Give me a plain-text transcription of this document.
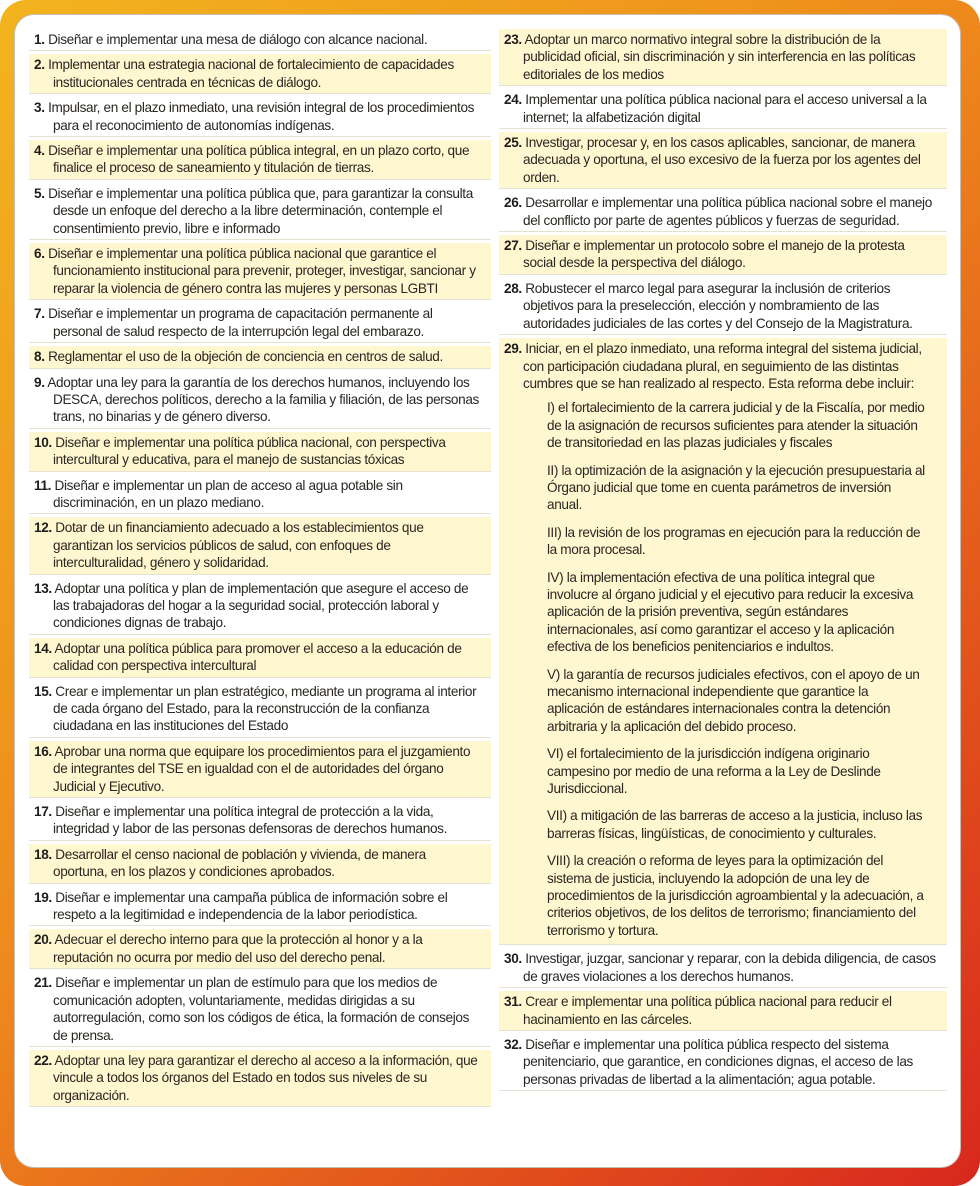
1. Diseñar e implementar una mesa de diálogo con alcance nacional.
2. Implementar una estrategia nacional de fortalecimiento de capacidades institucionales centrada en técnicas de diálogo.
3. Impulsar, en el plazo inmediato, una revisión integral de los procedimientos para el reconocimiento de autonomías indígenas.
4. Diseñar e implementar una política pública integral, en un plazo corto, que finalice el proceso de saneamiento y titulación de tierras.
5. Diseñar e implementar una política pública que, para garantizar la consulta desde un enfoque del derecho a la libre determinación, contemple el consentimiento previo, libre e informado
6. Diseñar e implementar una política pública nacional que garantice el funcionamiento institucional para prevenir, proteger, investigar, sancionar y reparar la violencia de género contra las mujeres y personas LGBTI
7. Diseñar e implementar un programa de capacitación permanente al personal de salud respecto de la interrupción legal del embarazo.
8. Reglamentar el uso de la objeción de conciencia en centros de salud.
9. Adoptar una ley para la garantía de los derechos humanos, incluyendo los DESCA, derechos políticos, derecho a la familia y filiación, de las personas trans, no binarias y de género diverso.
10. Diseñar e implementar una política pública nacional, con perspectiva intercultural y educativa, para el manejo de sustancias tóxicas
11. Diseñar e implementar un plan de acceso al agua potable sin discriminación, en un plazo mediano.
12. Dotar de un financiamiento adecuado a los establecimientos que garantizan los servicios públicos de salud, con enfoques de interculturalidad, género y solidaridad.
13. Adoptar una política y plan de implementación que asegure el acceso de las trabajadoras del hogar a la seguridad social, protección laboral y condiciones dignas de trabajo.
14. Adoptar una política pública para promover el acceso a la educación de calidad con perspectiva intercultural
15. Crear e implementar un plan estratégico, mediante un programa al interior de cada órgano del Estado, para la reconstrucción de la confianza ciudadana en las instituciones del Estado
16. Aprobar una norma que equipare los procedimientos para el juzgamiento de integrantes del TSE en igualdad con el de autoridades del órgano Judicial y Ejecutivo.
17. Diseñar e implementar una política integral de protección a la vida, integridad y labor de las personas defensoras de derechos humanos.
18. Desarrollar el censo nacional de población y vivienda, de manera oportuna, en los plazos y condiciones aprobados.
19. Diseñar e implementar una campaña pública de información sobre el respeto a la legitimidad e independencia de la labor periodística.
20. Adecuar el derecho interno para que la protección al honor y a la reputación no ocurra por medio del uso del derecho penal.
21. Diseñar e implementar un plan de estímulo para que los medios de comunicación adopten, voluntariamente, medidas dirigidas a su autorregulación, como son los códigos de ética, la formación de consejos de prensa.
22. Adoptar una ley para garantizar el derecho al acceso a la información, que vincule a todos los órganos del Estado en todos sus niveles de su organización.
23. Adoptar un marco normativo integral sobre la distribución de la publicidad oficial, sin discriminación y sin interferencia en las políticas editoriales de los medios
24. Implementar una política pública nacional para el acceso universal a la internet; la alfabetización digital
25. Investigar, procesar y, en los casos aplicables, sancionar, de manera adecuada y oportuna, el uso excesivo de la fuerza por los agentes del orden.
26. Desarrollar e implementar una política pública nacional sobre el manejo del conflicto por parte de agentes públicos y fuerzas de seguridad.
27. Diseñar e implementar un protocolo sobre el manejo de la protesta social desde la perspectiva del diálogo.
28. Robustecer el marco legal para asegurar la inclusión de criterios objetivos para la preselección, elección y nombramiento de las autoridades judiciales de las cortes y del Consejo de la Magistratura.
29. Iniciar, en el plazo inmediato, una reforma integral del sistema judicial, con participación ciudadana plural, en seguimiento de las distintas cumbres que se han realizado al respecto. Esta reforma debe incluir:
I) el fortalecimiento de la carrera judicial y de la Fiscalía, por medio de la asignación de recursos suficientes para atender la situación de transitoriedad en las plazas judiciales y fiscales
II) la optimización de la asignación y la ejecución presupuestaria al Órgano judicial que tome en cuenta parámetros de inversión anual.
III) la revisión de los programas en ejecución para la reducción de la mora procesal.
IV) la implementación efectiva de una política integral que involucre al órgano judicial y el ejecutivo para reducir la excesiva aplicación de la prisión preventiva, según estándares internacionales, así como garantizar el acceso y la aplicación efectiva de los beneficios penitenciarios e indultos.
V) la garantía de recursos judiciales efectivos, con el apoyo de un mecanismo internacional independiente que garantice la aplicación de estándares internacionales contra la detención arbitraria y la aplicación del debido proceso.
VI) el fortalecimiento de la jurisdicción indígena originario campesino por medio de una reforma a la Ley de Deslinde Jurisdiccional.
VII) a mitigación de las barreras de acceso a la justicia, incluso las barreras físicas, lingüísticas, de conocimiento y culturales.
VIII) la creación o reforma de leyes para la optimización del sistema de justicia, incluyendo la adopción de una ley de procedimientos de la jurisdicción agroambiental y la adecuación, a criterios objetivos, de los delitos de terrorismo; financiamiento del terrorismo y tortura.
30. Investigar, juzgar, sancionar y reparar, con la debida diligencia, de casos de graves violaciones a los derechos humanos.
31. Crear e implementar una política pública nacional para reducir el hacinamiento en las cárceles.
32. Diseñar e implementar una política pública respecto del sistema penitenciario, que garantice, en condiciones dignas, el acceso de las personas privadas de libertad a la alimentación; agua potable.
